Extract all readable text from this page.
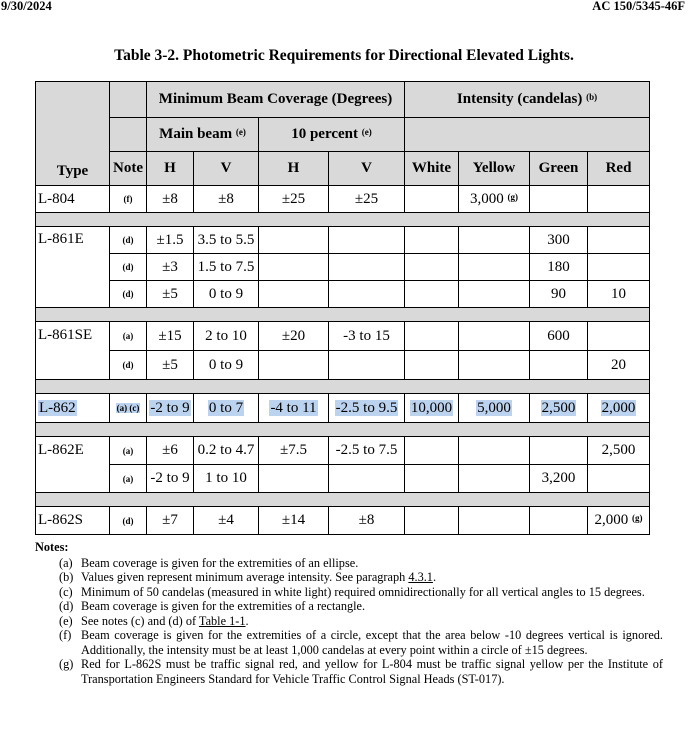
9/30/2024	AC 150/5345-46F
Table 3-2. Photometric Requirements for Directional Elevated Lights.
Type		Minimum Beam Coverage (Degrees)				Intensity (candelas) $^{(b)}$
		Main beam $^{(e)}$		10 percent $^{(e)}$	
	Note	H	V	H	V	White	Yellow	Green	Red
L-804	(f)	±8	±8	±25	±25		3,000 $^{(g)}$		

L-861E	(d)	±1.5	3.5 to 5.5					300	
	(d)	±3	1.5 to 7.5					180	
	(d)	±5	0 to 9					90	10

L-861SE	(a)	±15	2 to 10	±20	-3 to 15			600	
	(d)	±5	0 to 9						20

L-862	(a) (c)	-2 to 9	0 to 7	-4 to 11	-2.5 to 9.5	10,000	5,000	2,500	2,000

L-862E	(a)	±6	0.2 to 4.7	±7.5	-2.5 to 7.5				2,500
	(a)	-2 to 9	1 to 10					3,200	

L-862S	(d)	±7	±4	±14	±8				2,000 $^{(g)}$
Notes:
(a) Beam coverage is given for the extremities of an ellipse.
(b) Values given represent minimum average intensity. See paragraph 4.3.1.
(c) Minimum of 50 candelas (measured in white light) required omnidirectionally for all vertical angles to 15 degrees.
(d) Beam coverage is given for the extremities of a rectangle.
(e) See notes (c) and (d) of Table 1-1.
(f) Beam coverage is given for the extremities of a circle, except that the area below -10 degrees vertical is ignored. Additionally, the intensity must be at least 1,000 candelas at every point within a circle of ±15 degrees.
(g) Red for L-862S must be traffic signal red, and yellow for L-804 must be traffic signal yellow per the Institute of Transportation Engineers Standard for Vehicle Traffic Control Signal Heads (ST-017).
